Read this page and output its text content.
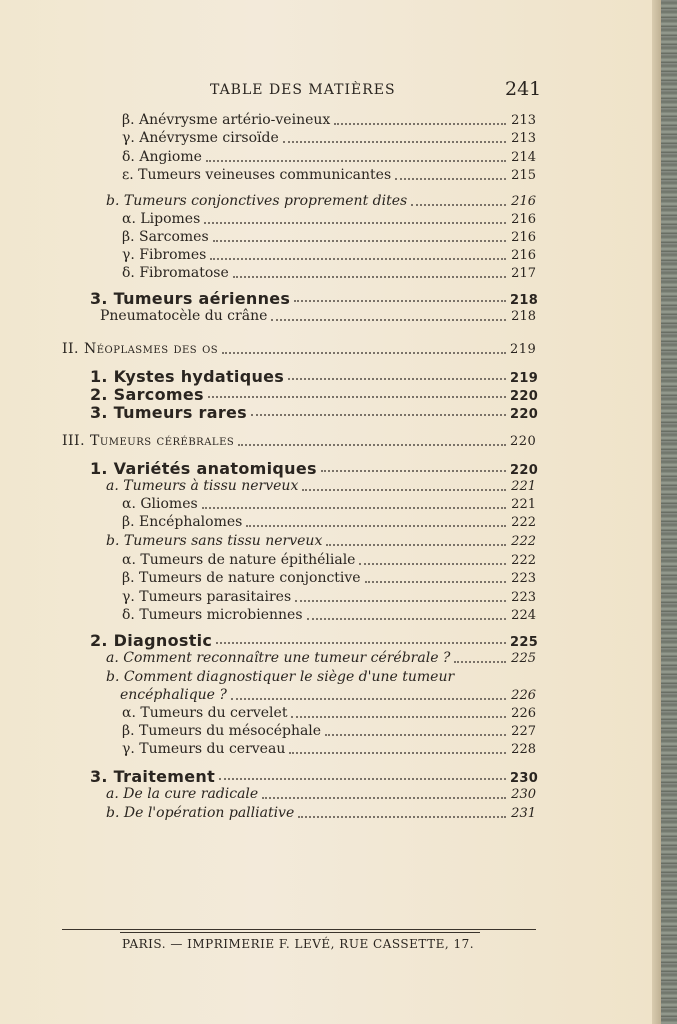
TABLE DES MATIÈRES	241
β. Anévrysme artério-veineux	213
γ. Anévrysme cirsoïde	213
δ. Angiome	214
ε. Tumeurs veineuses communicantes	215
b. Tumeurs conjonctives proprement dites	216
α. Lipomes	216
β. Sarcomes	216
γ. Fibromes	216
δ. Fibromatose	217
3. Tumeurs aériennes	218
Pneumatocèle du crâne	218
II. Néoplasmes des os	219
1. Kystes hydatiques	219
2. Sarcomes	220
3. Tumeurs rares	220
III. Tumeurs cérébrales	220
1. Variétés anatomiques	220
a. Tumeurs à tissu nerveux	221
α. Gliomes	221
β. Encéphalomes	222
b. Tumeurs sans tissu nerveux	222
α. Tumeurs de nature épithéliale	222
β. Tumeurs de nature conjonctive	223
γ. Tumeurs parasitaires	223
δ. Tumeurs microbiennes	224
2. Diagnostic	225
a. Comment reconnaître une tumeur cérébrale ?	225
b. Comment diagnostiquer le siège d'une tumeur
encéphalique ?	226
α. Tumeurs du cervelet	226
β. Tumeurs du mésocéphale	227
γ. Tumeurs du cerveau	228
3. Traitement	230
a. De la cure radicale	230
b. De l'opération palliative	231
PARIS. — IMPRIMERIE F. LEVÉ, RUE CASSETTE, 17.
